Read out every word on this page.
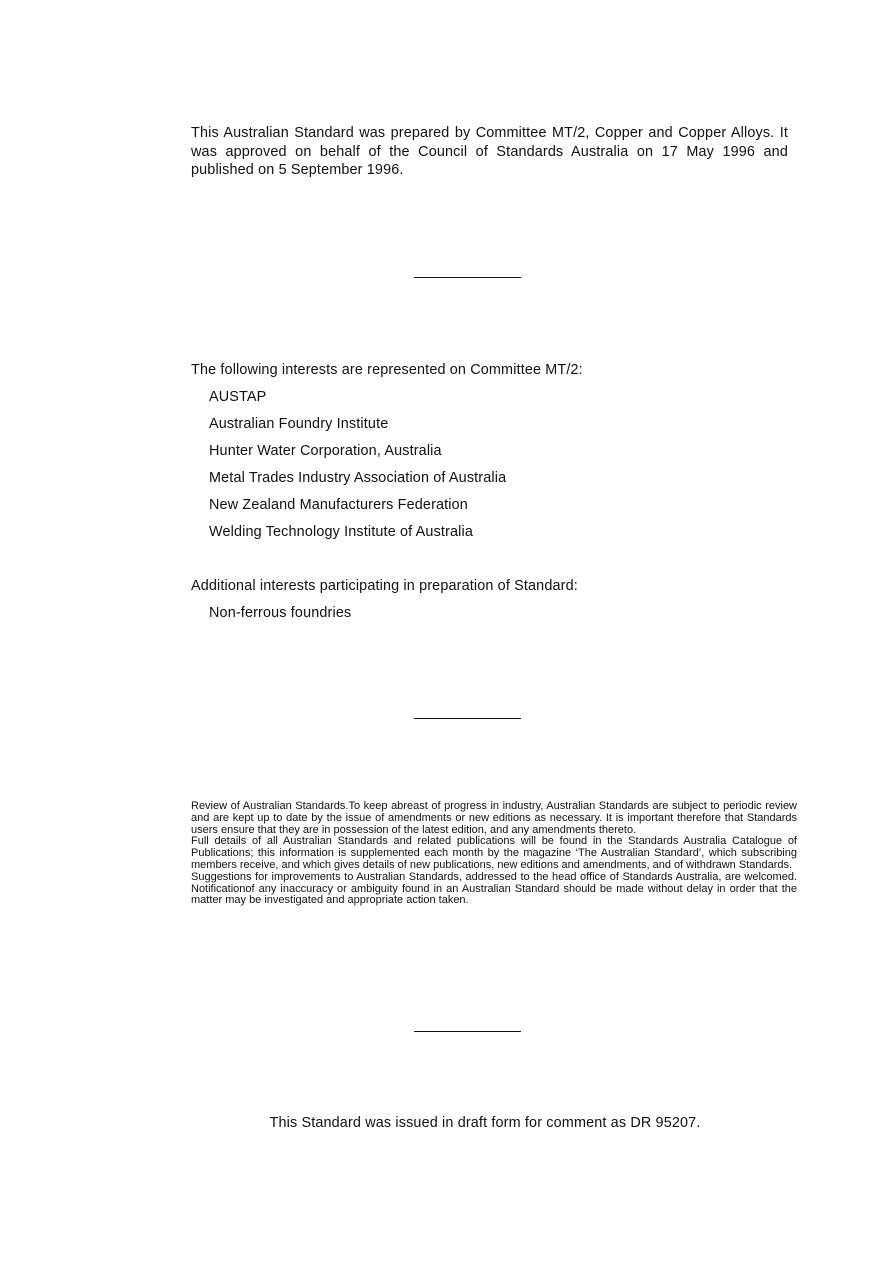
This Australian Standard was prepared by Committee MT/2, Copper and Copper Alloys. It was approved on behalf of the Council of Standards Australia on 17 May 1996 and published on 5 September 1996.

The following interests are represented on Committee MT/2:

AUSTAP
Australian Foundry Institute
Hunter Water Corporation, Australia
Metal Trades Industry Association of Australia
New Zealand Manufacturers Federation
Welding Technology Institute of Australia

Additional interests participating in preparation of Standard:

Non-ferrous foundries

Review of Australian Standards.To keep abreast of progress in industry, Australian Standards are subject to periodic review and are kept up to date by the issue of amendments or new editions as necessary. It is important therefore that Standards users ensure that they are in possession of the latest edition, and any amendments thereto.

Full details of all Australian Standards and related publications will be found in the Standards Australia Catalogue of Publications; this information is supplemented each month by the magazine ‘The Australian Standard’, which subscribing members receive, and which gives details of new publications, new editions and amendments, and of withdrawn Standards.

Suggestions for improvements to Australian Standards, addressed to the head office of Standards Australia, are welcomed. Notificationof any inaccuracy or ambiguity found in an Australian Standard should be made without delay in order that the matter may be investigated and appropriate action taken.

This Standard was issued in draft form for comment as DR 95207.
